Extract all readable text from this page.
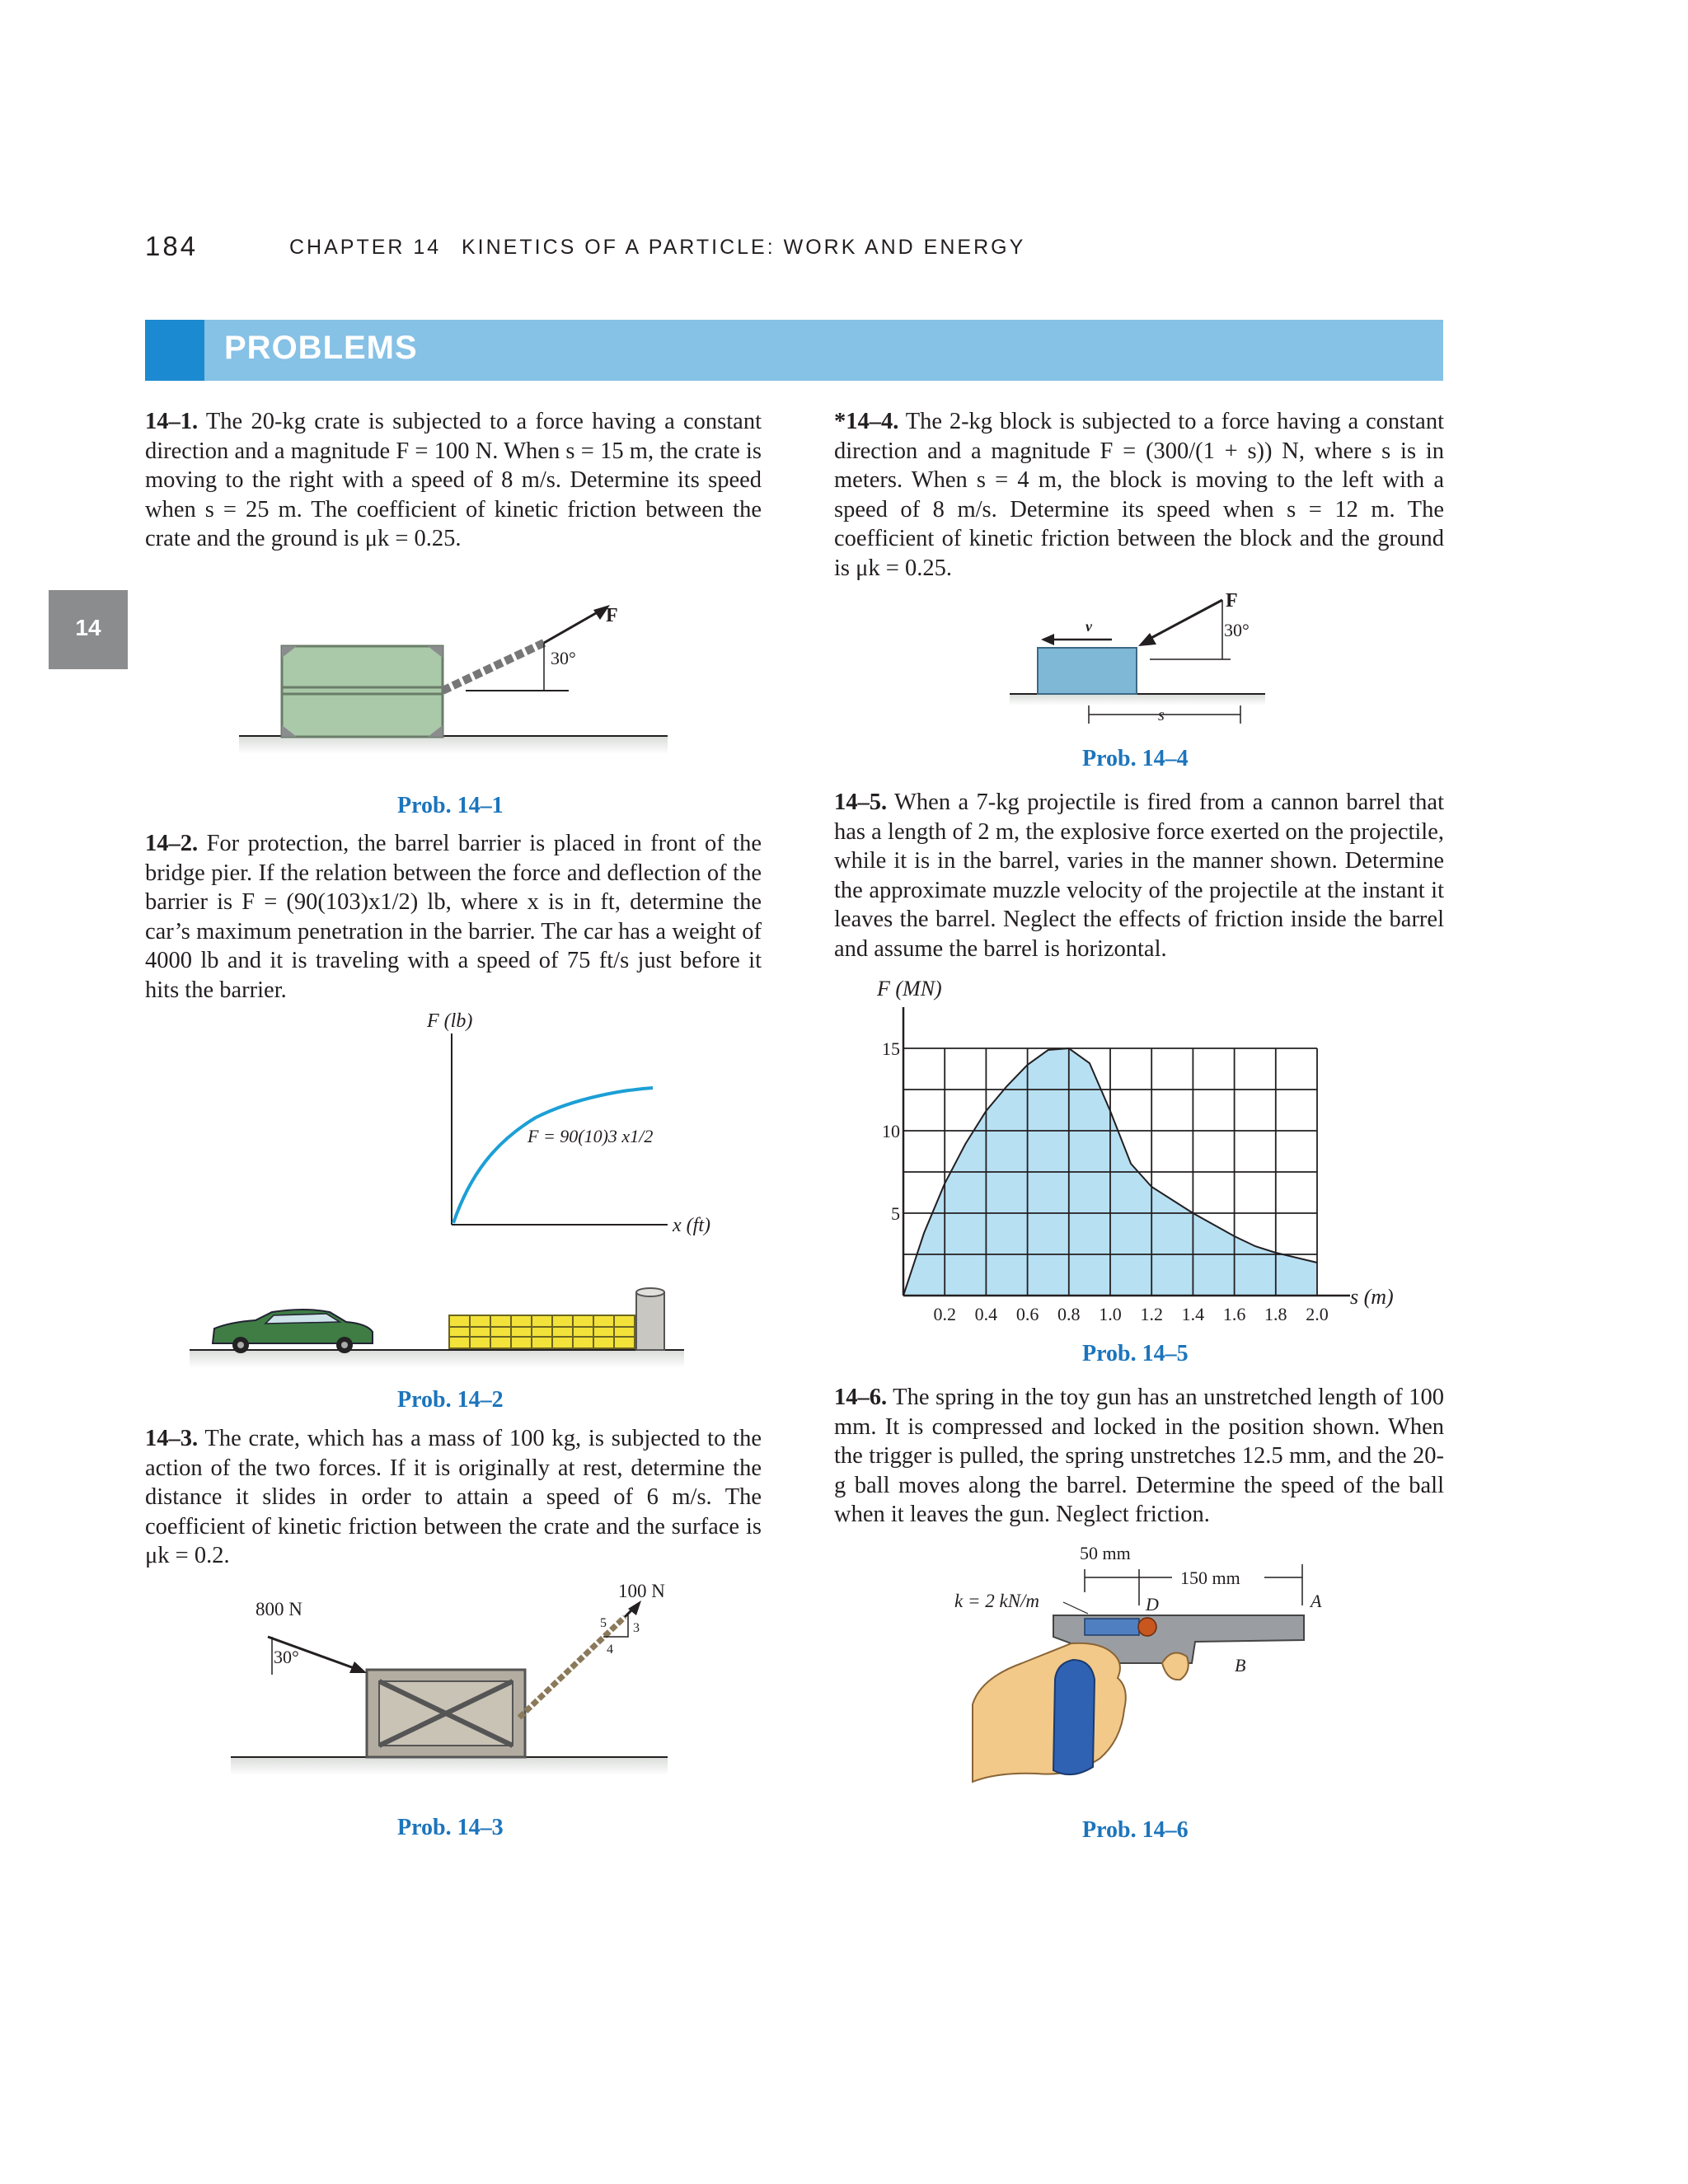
184	CHAPTER 14 KINETICS OF A PARTICLE: WORK AND ENERGY
PROBLEMS
14
14–1. The 20-kg crate is subjected to a force having a constant direction and a magnitude F = 100 N. When s = 15 m, the crate is moving to the right with a speed of 8 m/s. Determine its speed when s = 25 m. The coefficient of kinetic friction between the crate and the ground is μk = 0.25.
30°
F
Prob. 14–1
14–2. For protection, the barrel barrier is placed in front of the bridge pier. If the relation between the force and deflection of the barrier is F = (90(103)x1/2) lb, where x is in ft, determine the car’s maximum penetration in the barrier. The car has a weight of 4000 lb and it is traveling with a speed of 75 ft/s just before it hits the barrier.
F (lb)
x (ft)
F = 90(10)3 x1/2
Prob. 14–2
14–3. The crate, which has a mass of 100 kg, is subjected to the action of the two forces. If it is originally at rest, determine the distance it slides in order to attain a speed of 6 m/s. The coefficient of kinetic friction between the crate and the surface is μk = 0.2.
800 N
30°
100 N
5 3
4
Prob. 14–3
*14–4. The 2-kg block is subjected to a force having a constant direction and a magnitude F = (300/(1 + s)) N, where s is in meters. When s = 4 m, the block is moving to the left with a speed of 8 m/s. Determine its speed when s = 12 m. The coefficient of kinetic friction between the block and the ground is μk = 0.25.
v
F
30°
s
Prob. 14–4
14–5. When a 7-kg projectile is fired from a cannon barrel that has a length of 2 m, the explosive force exerted on the projectile, while it is in the barrel, varies in the manner shown. Determine the approximate muzzle velocity of the projectile at the instant it leaves the barrel. Neglect the effects of friction inside the barrel and assume the barrel is horizontal.
0.2 0.4 0.6 0.8 1.0 1.2 1.4 1.6 1.8 2.0
5
10
15
F (MN)
s (m)
Prob. 14–5
14–6. The spring in the toy gun has an unstretched length of 100 mm. It is compressed and locked in the position shown. When the trigger is pulled, the spring unstretches 12.5 mm, and the 20-g ball moves along the barrel. Determine the speed of the ball when it leaves the gun. Neglect friction.
50 mm
150 mm
k = 2 kN/m	D	A
B
Prob. 14–6
